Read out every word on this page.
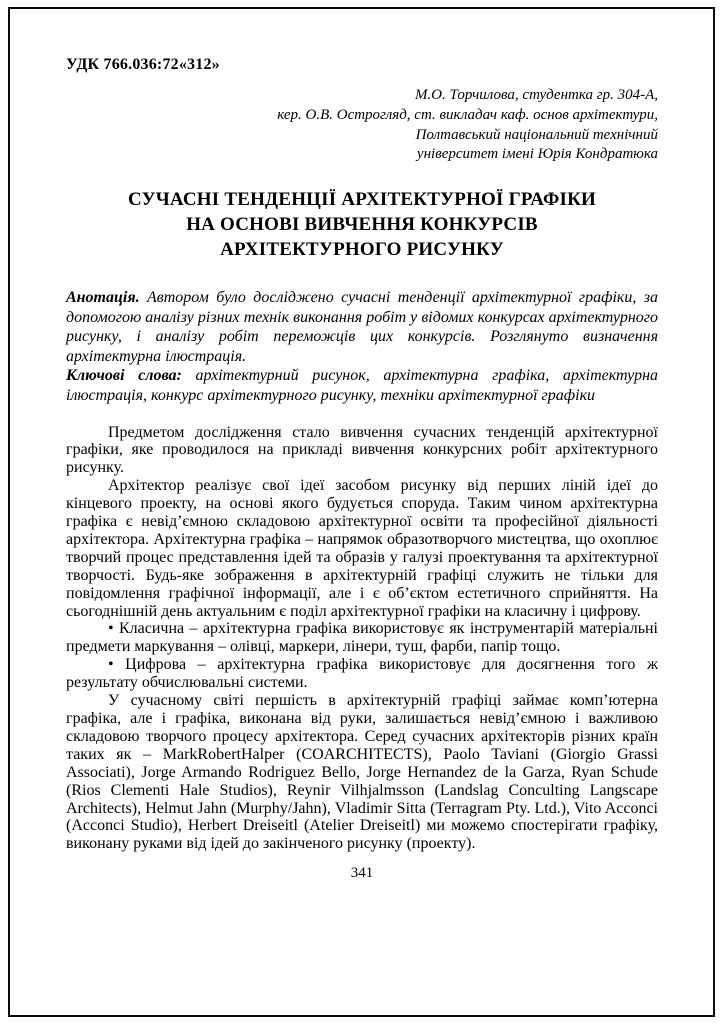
УДК 766.036:72«312»
М.О. Торчилова, студентка гр. 304-А,
кер. О.В. Острогляд, ст. викладач каф. основ архітектури,
Полтавський національний технічний
університет імені Юрія Кондратюка
СУЧАСНІ ТЕНДЕНЦІЇ АРХІТЕКТУРНОЇ ГРАФІКИ
НА ОСНОВІ ВИВЧЕННЯ КОНКУРСІВ
АРХІТЕКТУРНОГО РИСУНКУ

Анотація. Автором було досліджено сучасні тенденції архітектурної графіки, за допомогою аналізу різних технік виконання робіт у відомих конкурсах архітектурного рисунку, і аналізу робіт переможців цих конкурсів. Розглянуто визначення архітектурна ілюстрація.

Ключові слова: архітектурний рисунок, архітектурна графіка, архітектурна ілюстрація, конкурс архітектурного рисунку, техніки архітектурної графіки

Предметом дослідження стало вивчення сучасних тенденцій архітектурної графіки, яке проводилося на прикладі вивчення конкурсних робіт архітектурного рисунку.

Архітектор реалізує свої ідеї засобом рисунку від перших ліній ідеї до кінцевого проекту, на основі якого будується споруда. Таким чином архітектурна графіка є невід’ємною складовою архітектурної освіти та професійної діяльності архітектора. Архітектурна графіка – напрямок образотворчого мистецтва, що охоплює творчий процес представлення ідей та образів у галузі проектування та архітектурної творчості. Будь-яке зображення в архітектурній графіці служить не тільки для повідомлення графічної інформації, але і є об’єктом естетичного сприйняття. На сьогоднішній день актуальним є поділ архітектурної графіки на класичну і цифрову.

• Класична – архітектурна графіка використовує як інструментарій матеріальні предмети маркування – олівці, маркери, лінери, туш, фарби, папір тощо.

• Цифрова – архітектурна графіка використовує для досягнення того ж результату обчислювальні системи.

У сучасному світі першість в архітектурній графіці займає комп’ютерна графіка, але і графіка, виконана від руки, залишається невід’ємною і важливою складовою творчого процесу архітектора. Серед сучасних архітекторів різних країн таких як – MarkRobertHalper (COARCHITECTS), Paolo Taviani (Giorgio Grassi Associati), Jorge Armando Rodriguez Bello, Jorge Hernandez de la Garza, Ryan Schude (Rios Clementi Hale Studios), Reynir Vilhjalmsson (Landslag Conculting Langscape Architects), Helmut Jahn (Murphy/Jahn), Vladimir Sitta (Terragram Pty. Ltd.), Vito Acconci (Acconci Studio), Herbert Dreiseitl (Atelier Dreiseitl) ми можемо спостерігати графіку, виконану руками від ідей до закінченого рисунку (проекту).

341
